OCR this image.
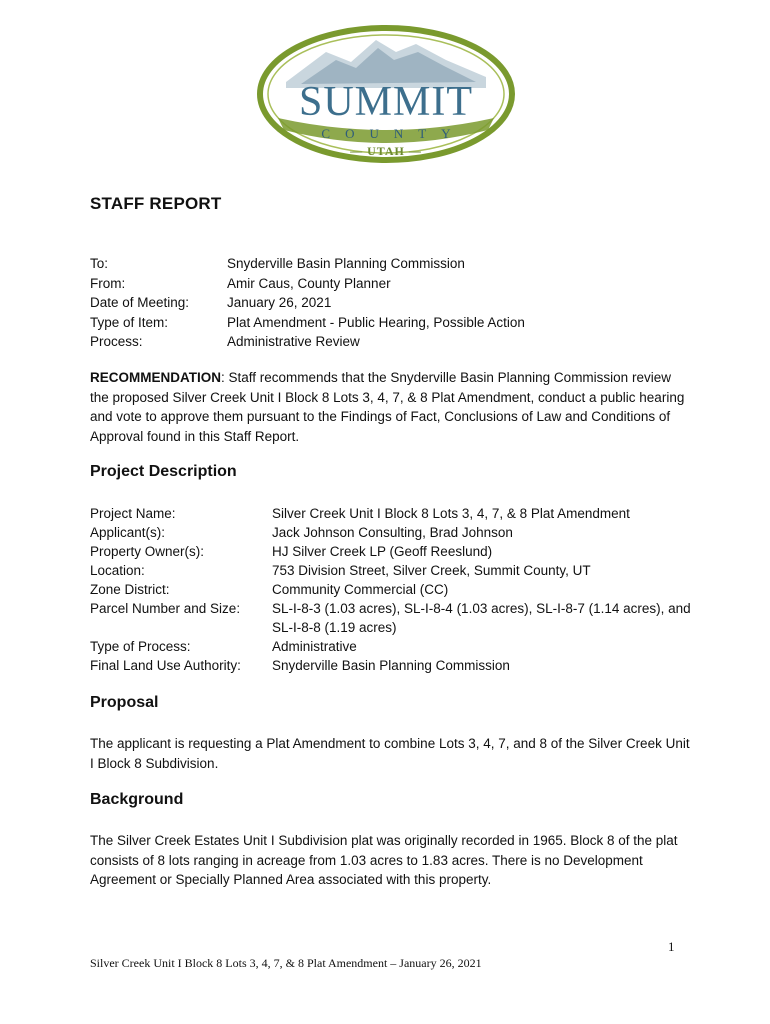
SUMMIT
COUNTY
— UTAH —
STAFF REPORT
To:	Snyderville Basin Planning Commission
From:	Amir Caus, County Planner
Date of Meeting:	January 26, 2021
Type of Item:	Plat Amendment - Public Hearing, Possible Action
Process:	Administrative Review
RECOMMENDATION: Staff recommends that the Snyderville Basin Planning Commission review the proposed Silver Creek Unit I Block 8 Lots 3, 4, 7, & 8 Plat Amendment, conduct a public hearing and vote to approve them pursuant to the Findings of Fact, Conclusions of Law and Conditions of Approval found in this Staff Report.
Project Description
Project Name:	Silver Creek Unit I Block 8 Lots 3, 4, 7, & 8 Plat Amendment
Applicant(s):	Jack Johnson Consulting, Brad Johnson
Property Owner(s):	HJ Silver Creek LP (Geoff Reeslund)
Location:	753 Division Street, Silver Creek, Summit County, UT
Zone District:	Community Commercial (CC)
Parcel Number and Size:	SL-I-8-3 (1.03 acres), SL-I-8-4 (1.03 acres), SL-I-8-7 (1.14 acres), and SL-I-8-8 (1.19 acres)
Type of Process:	Administrative
Final Land Use Authority:	Snyderville Basin Planning Commission
Proposal
The applicant is requesting a Plat Amendment to combine Lots 3, 4, 7, and 8 of the Silver Creek Unit I Block 8 Subdivision.
Background
The Silver Creek Estates Unit I Subdivision plat was originally recorded in 1965. Block 8 of the plat consists of 8 lots ranging in acreage from 1.03 acres to 1.83 acres. There is no Development Agreement or Specially Planned Area associated with this property.
1
Silver Creek Unit I Block 8 Lots 3, 4, 7, & 8 Plat Amendment – January 26, 2021
